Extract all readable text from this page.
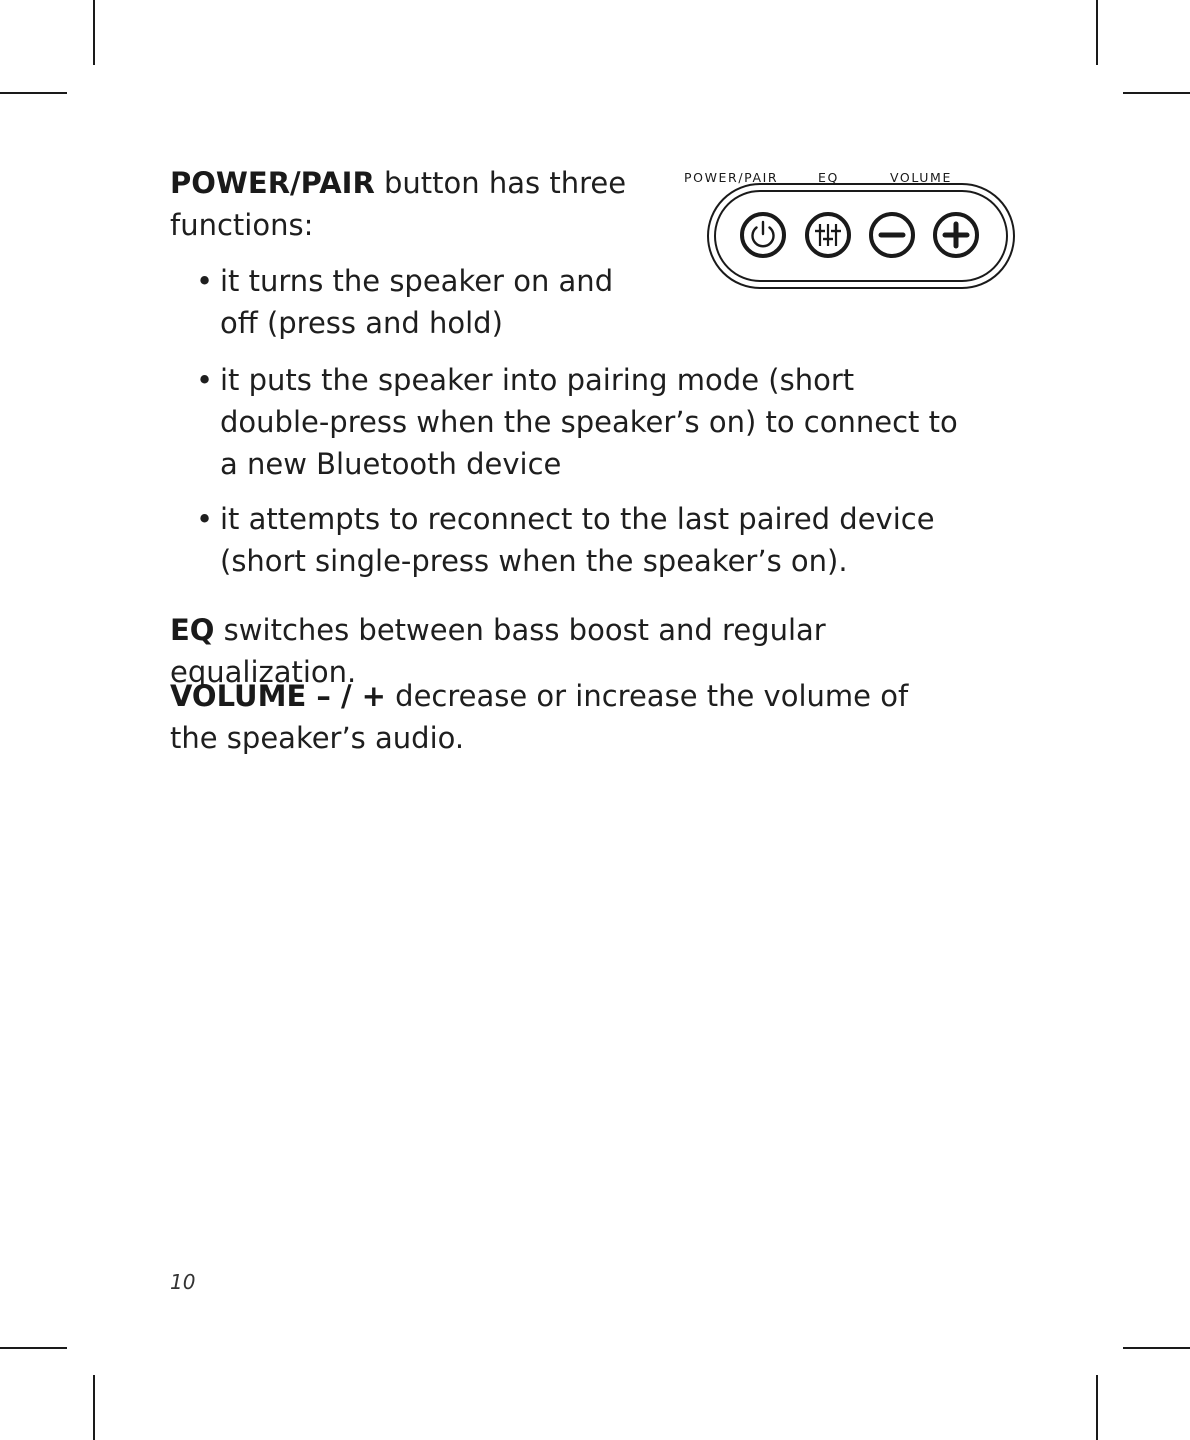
POWER/PAIR button has three functions:

• it turns the speaker on and off (press and hold)

• it puts the speaker into pairing mode (short double-press when the speaker’s on) to connect to a new Bluetooth device

• it attempts to reconnect to the last paired device (short single-press when the speaker’s on).

EQ switches between bass boost and regular equalization.

VOLUME – / + decrease or increase the volume of the speaker’s audio.

POWER/PAIR	EQ	VOLUME
10
